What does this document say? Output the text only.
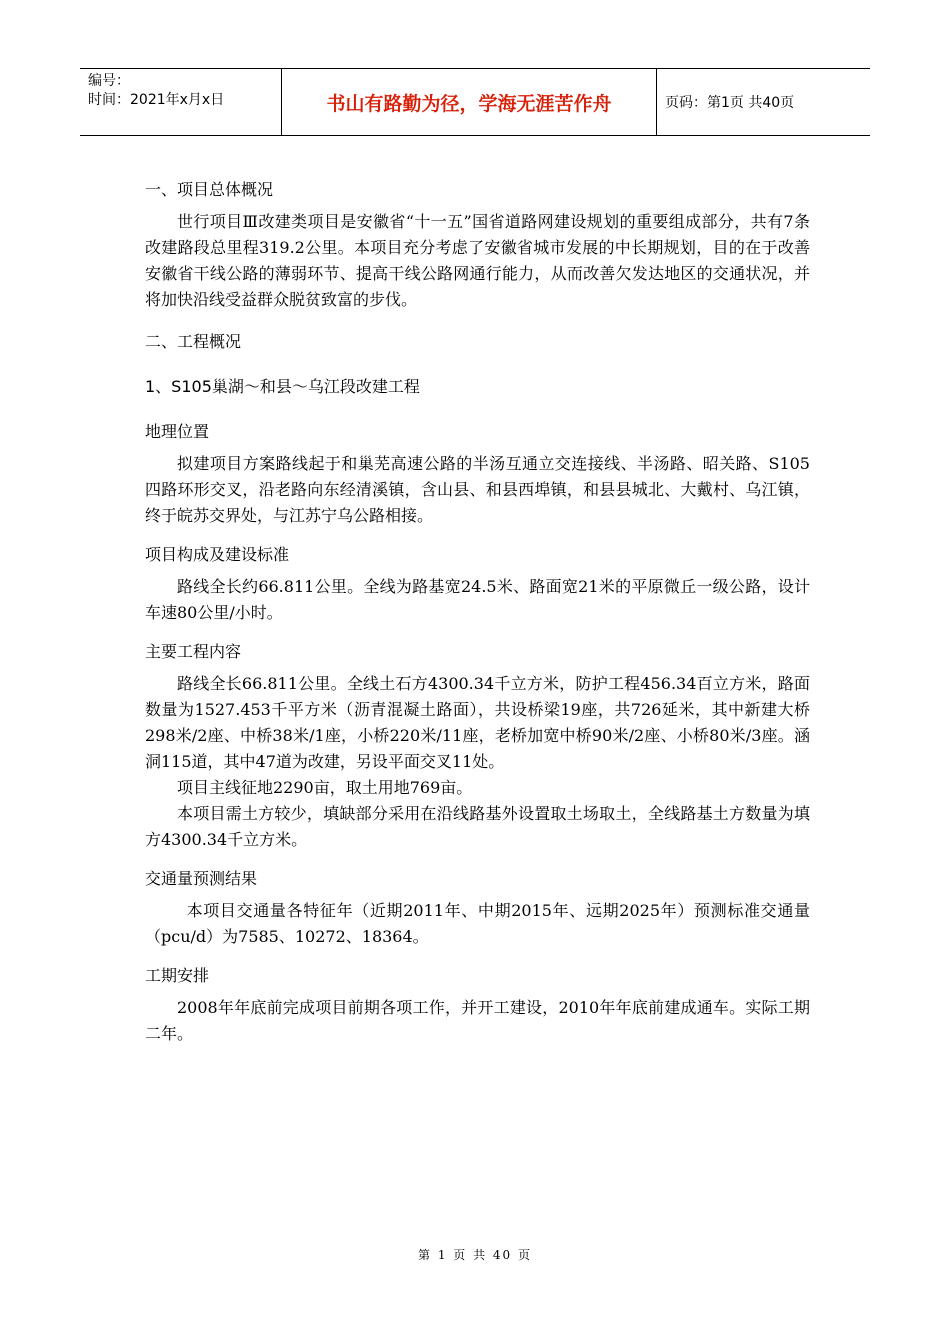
编号：
时间：2021年x月x日	书山有路勤为径，学海无涯苦作舟	页码：第1页 共40页
一、项目总体概况

世行项目Ⅲ改建类项目是安徽省“十一五”国省道路网建设规划的重要组成部分，共有7条改建路段总里程319.2公里。本项目充分考虑了安徽省城市发展的中长期规划，目的在于改善安徽省干线公路的薄弱环节、提高干线公路网通行能力，从而改善欠发达地区的交通状况，并将加快沿线受益群众脱贫致富的步伐。

二、工程概况
1、S105巢湖～和县～乌江段改建工程
地理位置

拟建项目方案路线起于和巢芜高速公路的半汤互通立交连接线、半汤路、昭关路、S105四路环形交叉，沿老路向东经清溪镇，含山县、和县西埠镇，和县县城北、大戴村、乌江镇，终于皖苏交界处，与江苏宁乌公路相接。

项目构成及建设标准

路线全长约66.811公里。全线为路基宽24.5米、路面宽21米的平原微丘一级公路，设计车速80公里/小时。

主要工程内容

路线全长66.811公里。全线土石方4300.34千立方米，防护工程456.34百立方米，路面数量为1527.453千平方米（沥青混凝土路面），共设桥梁19座，共726延米，其中新建大桥298米/2座、中桥38米/1座，小桥220米/11座，老桥加宽中桥90米/2座、小桥80米/3座。涵洞115道，其中47道为改建，另设平面交叉11处。

项目主线征地2290亩，取土用地769亩。

本项目需土方较少，填缺部分采用在沿线路基外设置取土场取土，全线路基土方数量为填方4300.34千立方米。

交通量预测结果

本项目交通量各特征年（近期2011年、中期2015年、远期2025年）预测标准交通量（pcu/d）为7585、10272、18364。

工期安排

2008年年底前完成项目前期各项工作，并开工建设，2010年年底前建成通车。实际工期二年。

第 1 页 共 40 页
